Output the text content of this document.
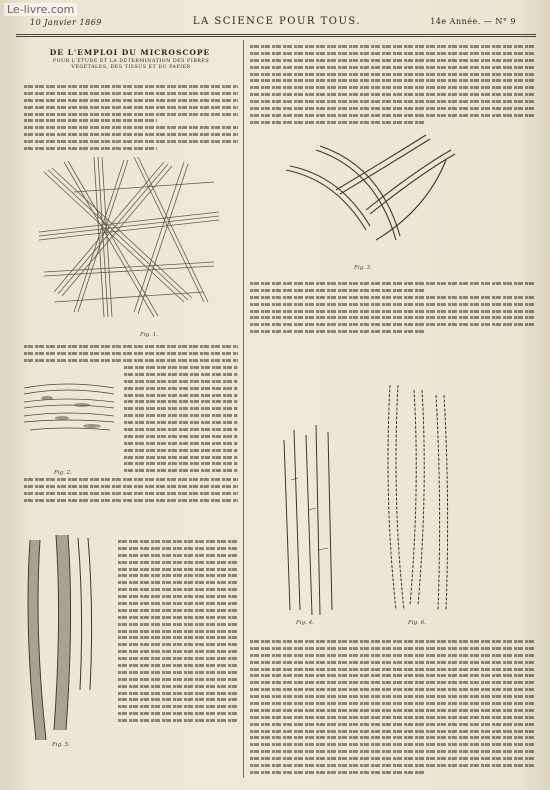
Le-livre.com
10 Janvier 1869	LA SCIENCE POUR TOUS.	14e Année. — N° 9
DE L'EMPLOI DU MICROSCOPE
POUR L'ÉTUDE ET LA DÉTERMINATION DES FIBRES VÉGÉTALES, DES TISSUS ET DU PAPIER
Fig. 1.
Fig. 2.
Fig. 5.
Fig. 3.
Fig. 4.	Fig. 6.
